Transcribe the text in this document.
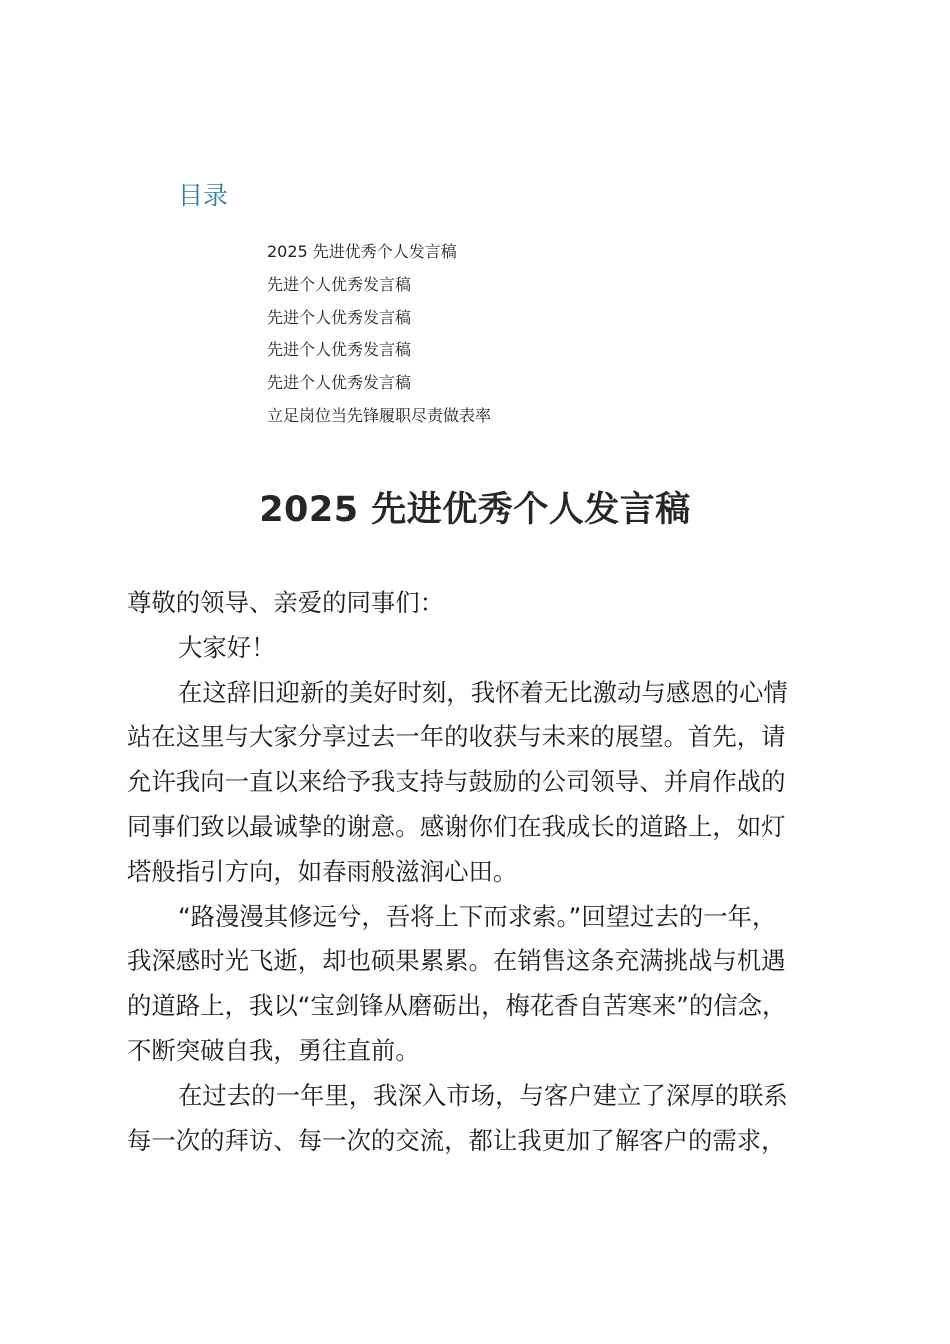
目录
2025 先进优秀个人发言稿
先进个人优秀发言稿
先进个人优秀发言稿
先进个人优秀发言稿
先进个人优秀发言稿
立足岗位当先锋履职尽责做表率
2025 先进优秀个人发言稿
尊敬的领导、亲爱的同事们：
大家好！
在这辞旧迎新的美好时刻，我怀着无比激动与感恩的心情
站在这里与大家分享过去一年的收获与未来的展望。首先，请
允许我向一直以来给予我支持与鼓励的公司领导、并肩作战的
同事们致以最诚挚的谢意。感谢你们在我成长的道路上，如灯
塔般指引方向，如春雨般滋润心田。
“路漫漫其修远兮，吾将上下而求索。”回望过去的一年，
我深感时光飞逝，却也硕果累累。在销售这条充满挑战与机遇
的道路上，我以“宝剑锋从磨砺出，梅花香自苦寒来”的信念，
不断突破自我，勇往直前。
在过去的一年里，我深入市场，与客户建立了深厚的联系
每一次的拜访、每一次的交流，都让我更加了解客户的需求，
